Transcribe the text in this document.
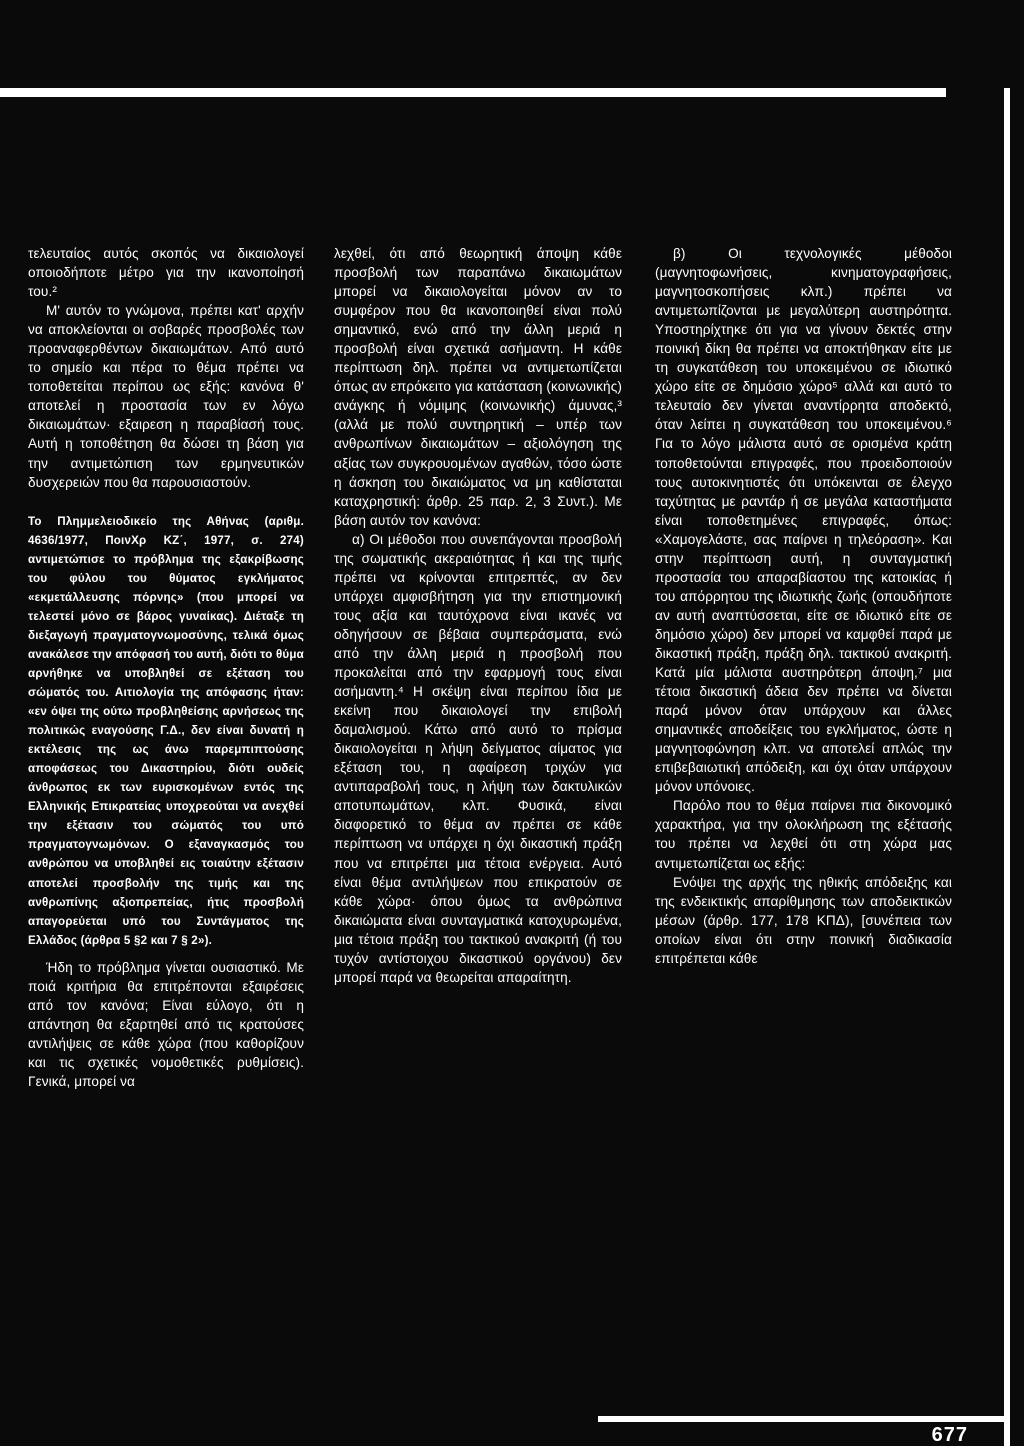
τελευταίος αυτός σκοπός να δικαιολογεί οποιοδήποτε μέτρο για την ικανοποίησή του.²

Μ' αυτόν το γνώμονα, πρέπει κατ' αρχήν να αποκλείονται οι σοβαρές προσβολές των προαναφερθέντων δικαιωμάτων. Από αυτό το σημείο και πέρα το θέμα πρέπει να τοποθετείται περίπου ως εξής: κανόνα θ' αποτελεί η προστασία των εν λόγω δικαιωμάτων· εξαιρεση η παραβίασή τους. Αυτή η τοποθέτηση θα δώσει τη βάση για την αντιμετώπιση των ερμηνευτικών δυσχερειών που θα παρουσιαστούν.

Το Πλημμελειοδικείο της Αθήνας (αριθμ. 4636/1977, ΠοινΧρ ΚΖ΄, 1977, σ. 274) αντιμετώπισε το πρόβλημα της εξακρίβωσης του φύλου του θύματος εγκλήματος «εκμετάλλευσης πόρνης» (που μπορεί να τελεστεί μόνο σε βάρος γυναίκας). Διέταξε τη διεξαγωγή πραγματογνωμοσύνης, τελικά όμως ανακάλεσε την απόφασή του αυτή, διότι το θύμα αρνήθηκε να υποβληθεί σε εξέταση του σώματός του. Αιτιολογία της απόφασης ήταν: «εν όψει της ούτω προβληθείσης αρνήσεως της πολιτικώς εναγούσης Γ.Δ., δεν είναι δυνατή η εκτέλεσις της ως άνω παρεμπιπτούσης αποφάσεως του Δικαστηρίου, διότι ουδείς άνθρωπος εκ των ευρισκομένων εντός της Ελληνικής Επικρατείας υποχρεούται να ανεχθεί την εξέτασιν του σώματός του υπό πραγματογνωμόνων. Ο εξαναγκασμός του ανθρώπου να υποβληθεί εις τοιαύτην εξέτασιν αποτελεί προσβολήν της τιμής και της ανθρωπίνης αξιοπρεπείας, ήτις προσβολή απαγορεύεται υπό του Συντάγματος της Ελλάδος (άρθρα 5 §2 και 7 § 2»).

Ήδη το πρόβλημα γίνεται ουσιαστικό. Με ποιά κριτήρια θα επιτρέπονται εξαιρέσεις από τον κανόνα; Είναι εύλογο, ότι η απάντηση θα εξαρτηθεί από τις κρατούσες αντιλήψεις σε κάθε χώρα (που καθορίζουν και τις σχετικές νομοθετικές ρυθμίσεις). Γενικά, μπορεί να

λεχθεί, ότι από θεωρητική άποψη κάθε προσβολή των παραπάνω δικαιωμάτων μπορεί να δικαιολογείται μόνον αν το συμφέρον που θα ικανοποιηθεί είναι πολύ σημαντικό, ενώ από την άλλη μεριά η προσβολή είναι σχετικά ασήμαντη. Η κάθε περίπτωση δηλ. πρέπει να αντιμετωπίζεται όπως αν επρόκειτο για κατάσταση (κοινωνικής) ανάγκης ή νόμιμης (κοινωνικής) άμυνας,³ (αλλά με πολύ συντηρητική – υπέρ των ανθρωπίνων δικαιωμάτων – αξιολόγηση της αξίας των συγκρουομένων αγαθών, τόσο ώστε η άσκηση του δικαιώματος να μη καθίσταται καταχρηστική: άρθρ. 25 παρ. 2, 3 Συντ.). Με βάση αυτόν τον κανόνα:

α) Οι μέθοδοι που συνεπάγονται προσβολή της σωματικής ακεραιότητας ή και της τιμής πρέπει να κρίνονται επιτρεπτές, αν δεν υπάρχει αμφισβήτηση για την επιστημονική τους αξία και ταυτόχρονα είναι ικανές να οδηγήσουν σε βέβαια συμπεράσματα, ενώ από την άλλη μεριά η προσβολή που προκαλείται από την εφαρμογή τους είναι ασήμαντη.⁴ Η σκέψη είναι περίπου ίδια με εκείνη που δικαιολογεί την επιβολή δαμαλισμού. Κάτω από αυτό το πρίσμα δικαιολογείται η λήψη δείγματος αίματος για εξέταση του, η αφαίρεση τριχών για αντιπαραβολή τους, η λήψη των δακτυλικών αποτυπωμάτων, κλπ. Φυσικά, είναι διαφορετικό το θέμα αν πρέπει σε κάθε περίπτωση να υπάρχει η όχι δικαστική πράξη που να επιτρέπει μια τέτοια ενέργεια. Αυτό είναι θέμα αντιλήψεων που επικρατούν σε κάθε χώρα· όπου όμως τα ανθρώπινα δικαιώματα είναι συνταγματικά κατοχυρωμένα, μια τέτοια πράξη του τακτικού ανακριτή (ή του τυχόν αντίστοιχου δικαστικού οργάνου) δεν μπορεί παρά να θεωρείται απαραίτητη.

β) Οι τεχνολογικές μέθοδοι (μαγνητοφωνήσεις, κινηματογραφήσεις, μαγνητοσκοπήσεις κλπ.) πρέπει να αντιμετωπίζονται με μεγαλύτερη αυστηρότητα. Υποστηρίχτηκε ότι για να γίνουν δεκτές στην ποινική δίκη θα πρέπει να αποκτήθηκαν είτε με τη συγκατάθεση του υποκειμένου σε ιδιωτικό χώρο είτε σε δημόσιο χώρο⁵ αλλά και αυτό το τελευταίο δεν γίνεται αναντίρρητα αποδεκτό, όταν λείπει η συγκατάθεση του υποκειμένου.⁶ Για το λόγο μάλιστα αυτό σε ορισμένα κράτη τοποθετούνται επιγραφές, που προειδοποιούν τους αυτοκινητιστές ότι υπόκεινται σε έλεγχο ταχύτητας με ραντάρ ή σε μεγάλα καταστήματα είναι τοποθετημένες επιγραφές, όπως: «Χαμογελάστε, σας παίρνει η τηλεόραση». Και στην περίπτωση αυτή, η συνταγματική προστασία του απαραβίαστου της κατοικίας ή του απόρρητου της ιδιωτικής ζωής (οπουδήποτε αν αυτή αναπτύσσεται, είτε σε ιδιωτικό είτε σε δημόσιο χώρο) δεν μπορεί να καμφθεί παρά με δικαστική πράξη, πράξη δηλ. τακτικού ανακριτή. Κατά μία μάλιστα αυστηρότερη άποψη,⁷ μια τέτοια δικαστική άδεια δεν πρέπει να δίνεται παρά μόνον όταν υπάρχουν και άλλες σημαντικές αποδείξεις του εγκλήματος, ώστε η μαγνητοφώνηση κλπ. να αποτελεί απλώς την επιβεβαιωτική απόδειξη, και όχι όταν υπάρχουν μόνον υπόνοιες.

Παρόλο που το θέμα παίρνει πια δικονομικό χαρακτήρα, για την ολοκλήρωση της εξέτασής του πρέπει να λεχθεί ότι στη χώρα μας αντιμετωπίζεται ως εξής:

Ενόψει της αρχής της ηθικής απόδειξης και της ενδεικτικής απαρίθμησης των αποδεικτικών μέσων (άρθρ. 177, 178 ΚΠΔ), [συνέπεια των οποίων είναι ότι στην ποινική διαδικασία επιτρέπεται κάθε

677
